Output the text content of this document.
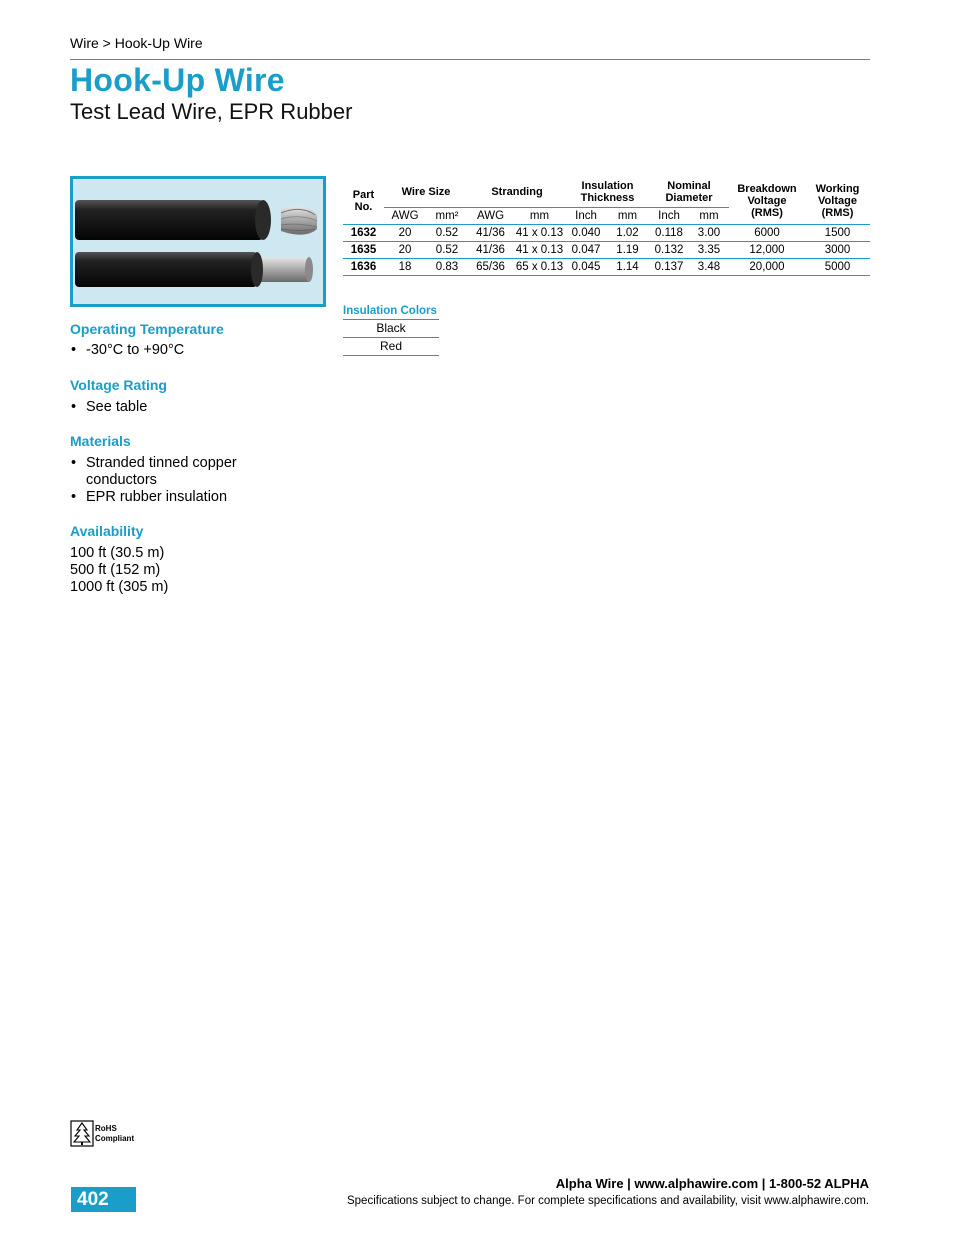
Wire > Hook-Up Wire
Hook-Up Wire
Test Lead Wire, EPR Rubber
Operating Temperature
• -30°C to +90°C
Voltage Rating
• See table
Materials
• Stranded tinned copper conductors
• EPR rubber insulation
Availability
100 ft (30.5 m)
500 ft (152 m)
1000 ft (305 m)
Part No.	Wire Size		Stranding		Insulation Thickness		Nominal Diameter		Breakdown Voltage (RMS)	Working Voltage (RMS)
	AWG	mm²	AWG	mm	Inch	mm	Inch	mm		
1632	20	0.52	41/36	41 x 0.13	0.040	1.02	0.118	3.00	6000	1500
1635	20	0.52	41/36	41 x 0.13	0.047	1.19	0.132	3.35	12,000	3000
1636	18	0.83	65/36	65 x 0.13	0.045	1.14	0.137	3.48	20,000	5000
Insulation Colors
Black
Red
RoHS
Compliant
402
Alpha Wire | www.alphawire.com | 1-800-52 ALPHA
Specifications subject to change. For complete specifications and availability, visit www.alphawire.com.
